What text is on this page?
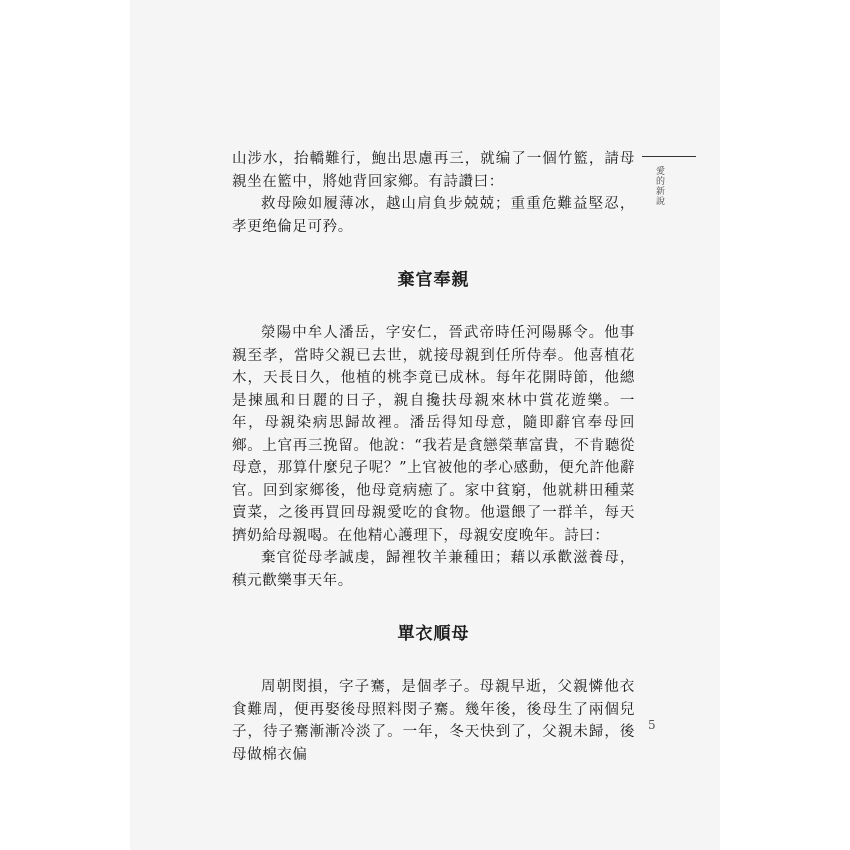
愛的新說

山涉水，抬轎難行，鮑出思慮再三，就编了一個竹籃，請母親坐在籃中，將她背回家鄉。有詩讚曰：

救母險如履薄冰，越山肩負步兢兢；重重危難益堅忍，孝更绝倫足可矜。

棄官奉親

滎陽中牟人潘岳，字安仁，晉武帝時任河陽縣令。他事親至孝，當時父親已去世，就接母親到任所侍奉。他喜植花木，天長日久，他植的桃李竟已成林。每年花開時節，他總是揀風和日麗的日子，親自攙扶母親來林中賞花遊樂。一年，母親染病思歸故裡。潘岳得知母意，隨即辭官奉母回鄉。上官再三挽留。他說：“我若是貪戀榮華富貴，不肯聽從母意，那算什麼兒子呢？”上官被他的孝心感動，便允許他辭官。回到家鄉後，他母竟病癒了。家中貧窮，他就耕田種菜賣菜，之後再買回母親愛吃的食物。他還餵了一群羊，每天擠奶給母親喝。在他精心護理下，母親安度晚年。詩曰：

棄官從母孝誠虔，歸裡牧羊兼種田；藉以承歡滋養母，稹元歡樂事天年。

單衣順母

周朝閔損，字子騫，是個孝子。母親早逝，父親憐他衣食難周，便再娶後母照料閔子騫。幾年後，後母生了兩個兒子，待子騫漸漸冷淡了。一年，冬天快到了，父親未歸，後母做棉衣偏

5
